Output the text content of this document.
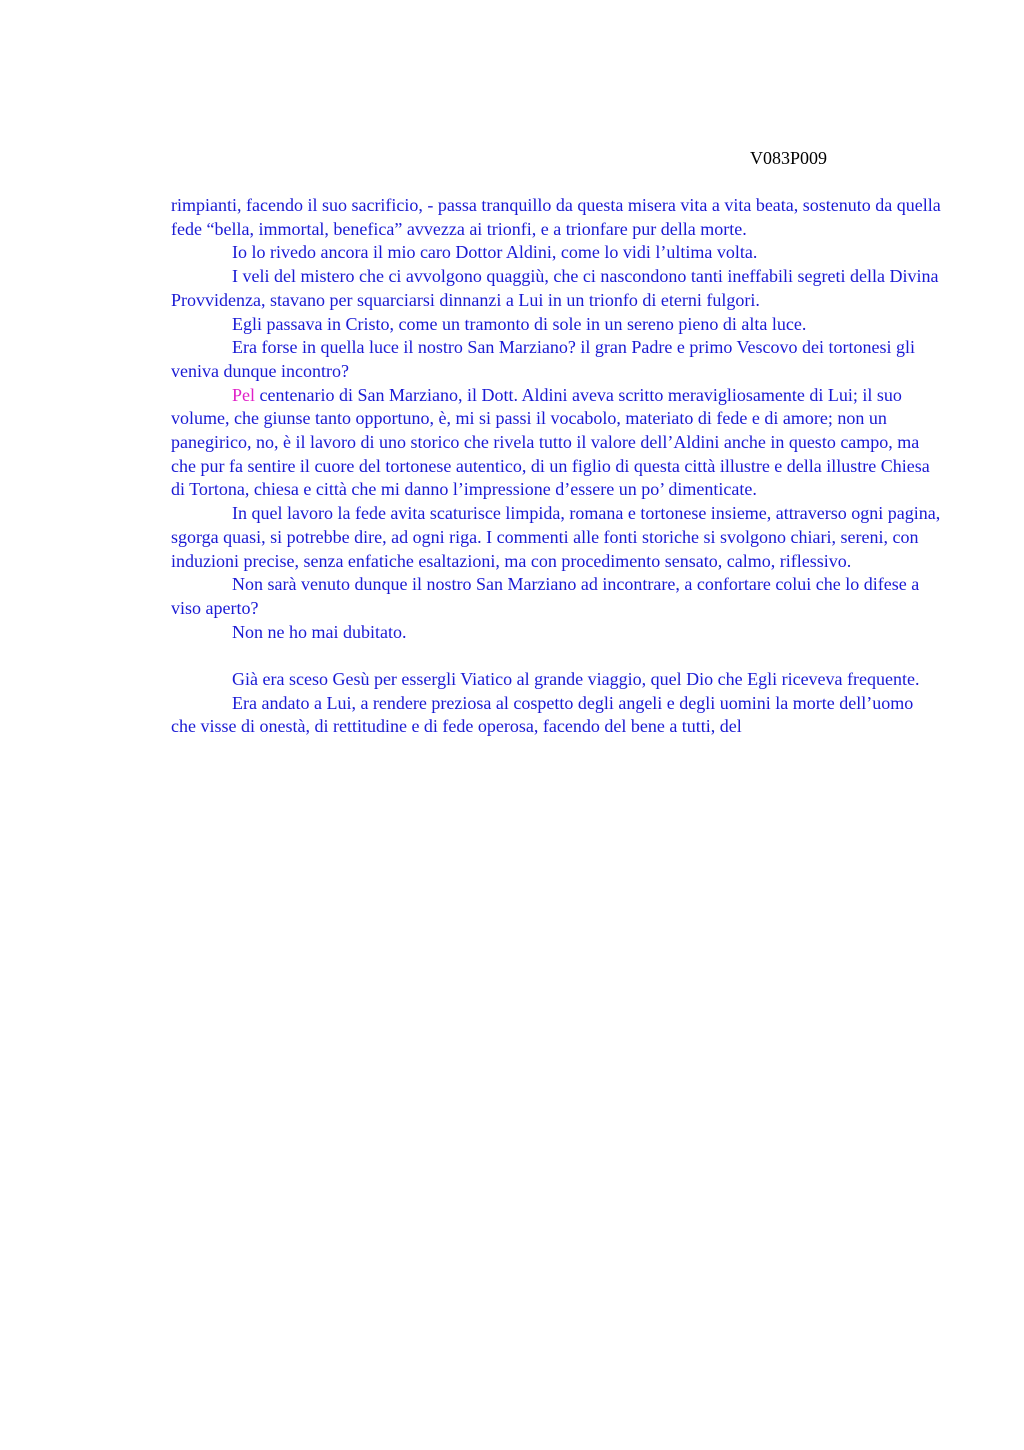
V083P009

rimpianti, facendo il suo sacrificio, - passa tranquillo da questa misera vita a vita beata, sostenuto da quella fede “bella, immortal, benefica” avvezza ai trionfi, e a trionfare pur della morte.

Io lo rivedo ancora il mio caro Dottor Aldini, come lo vidi l’ultima volta.

I veli del mistero che ci avvolgono quaggiù, che ci nascondono tanti ineffabili segreti della Divina Provvidenza, stavano per squarciarsi dinnanzi a Lui in un trionfo di eterni fulgori.

Egli passava in Cristo, come un tramonto di sole in un sereno pieno di alta luce.

Era forse in quella luce il nostro San Marziano? il gran Padre e primo Vescovo dei tortonesi gli veniva dunque incontro?

Pel centenario di San Marziano, il Dott. Aldini aveva scritto meravigliosamente di Lui; il suo volume, che giunse tanto opportuno, è, mi si passi il vocabolo, materiato di fede e di amore; non un panegirico, no, è il lavoro di uno storico che rivela tutto il valore dell’Aldini anche in questo campo, ma che pur fa sentire il cuore del tortonese autentico, di un figlio di questa città illustre e della illustre Chiesa di Tortona, chiesa e città che mi danno l’impressione d’essere un po’ dimenticate.

In quel lavoro la fede avita scaturisce limpida, romana e tortonese insieme, attraverso ogni pagina, sgorga quasi, si potrebbe dire, ad ogni riga. I commenti alle fonti storiche si svolgono chiari, sereni, con induzioni precise, senza enfatiche esaltazioni, ma con procedimento sensato, calmo, riflessivo.

Non sarà venuto dunque il nostro San Marziano ad incontrare, a confortare colui che lo difese a viso aperto?

Non ne ho mai dubitato.

Già era sceso Gesù per essergli Viatico al grande viaggio, quel Dio che Egli riceveva frequente.

Era andato a Lui, a rendere preziosa al cospetto degli angeli e degli uomini la morte dell’uomo che visse di onestà, di rettitudine e di fede operosa, facendo del bene a tutti, del
